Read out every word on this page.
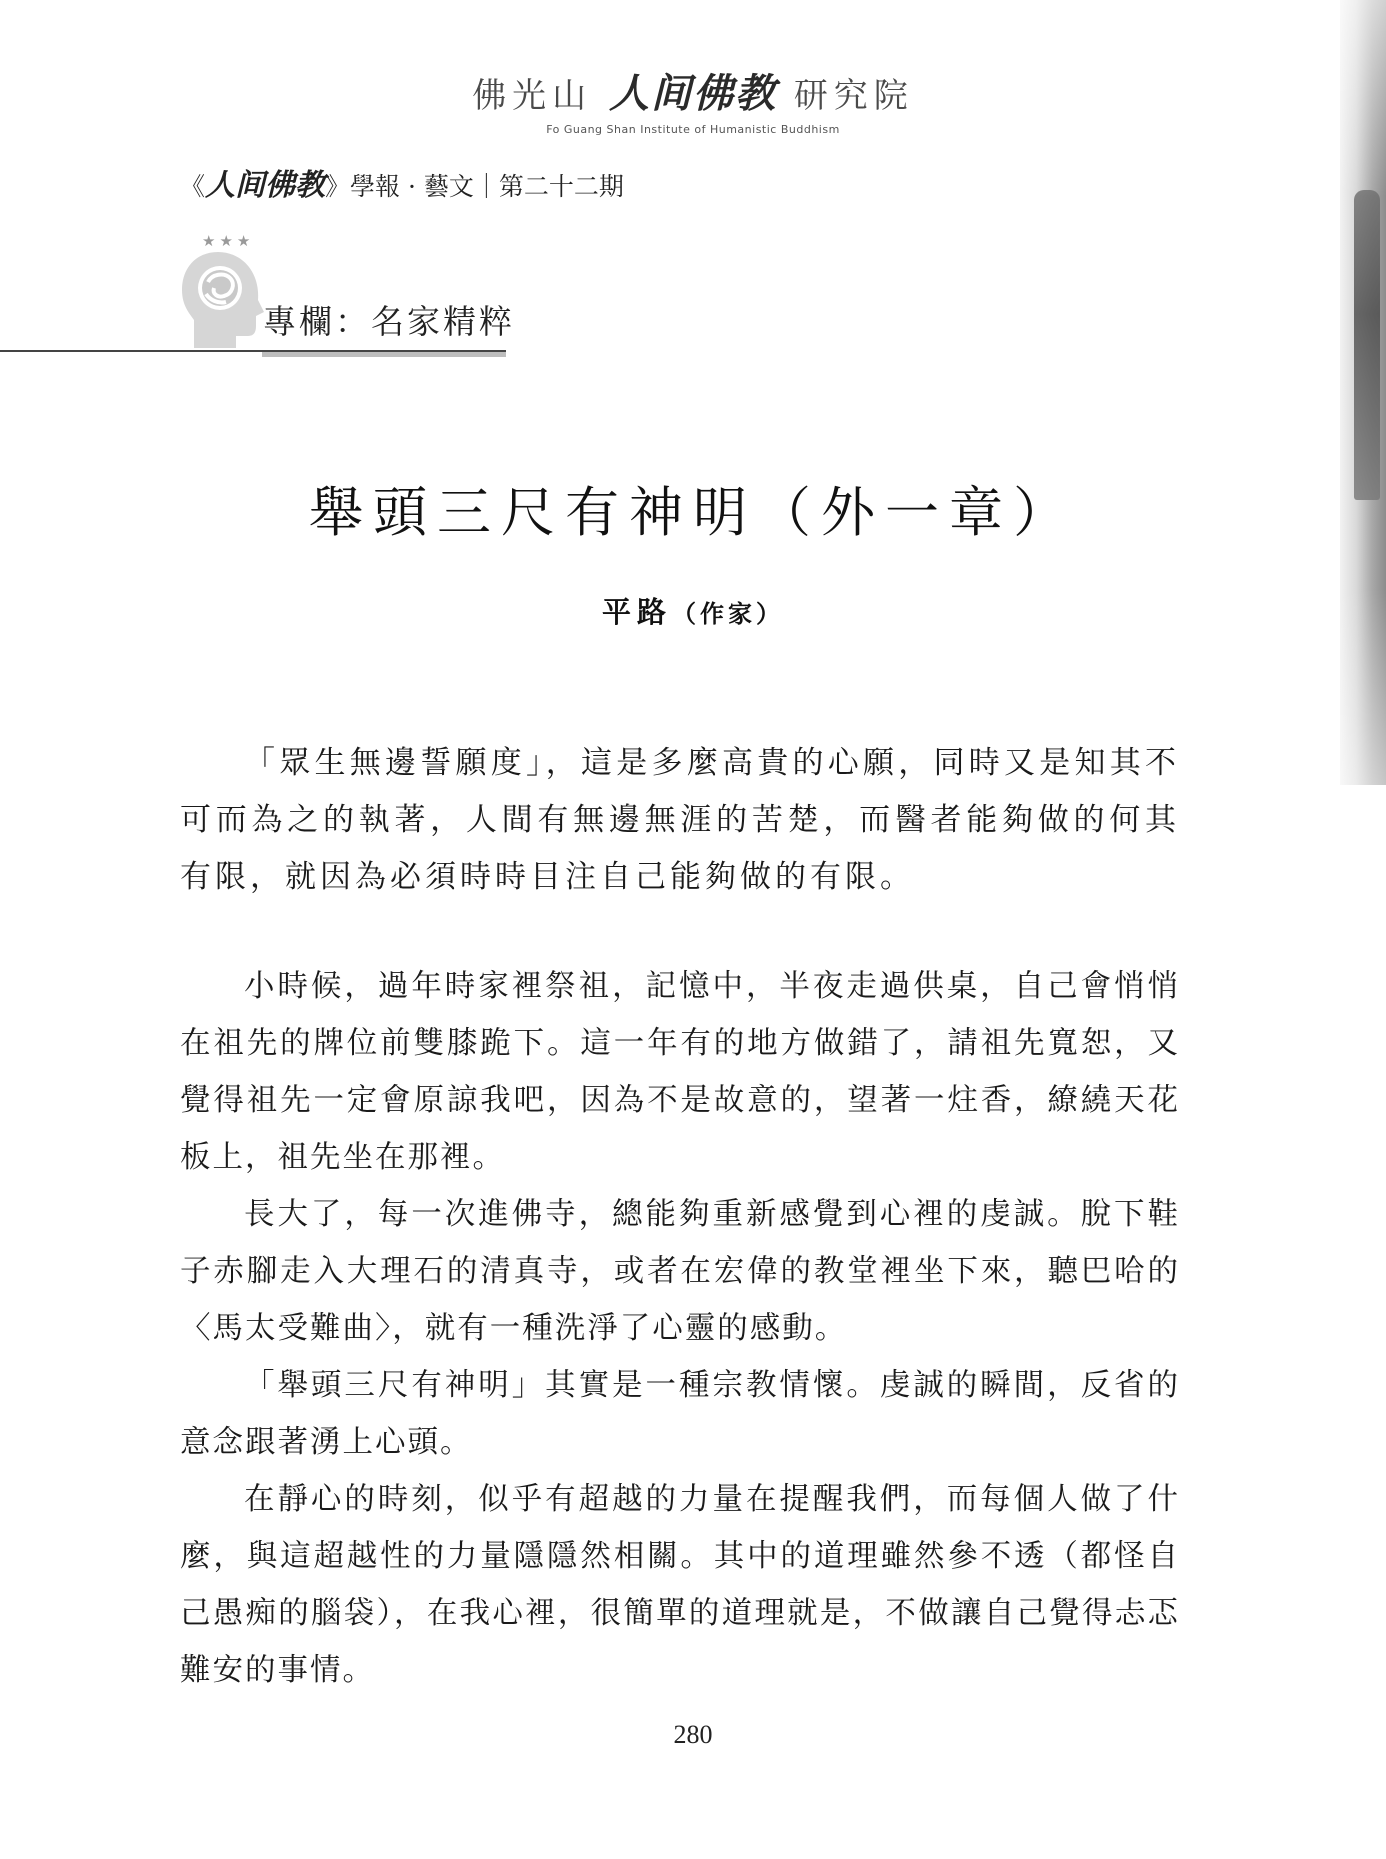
佛光山 人间佛教 研究院
Fo Guang Shan Institute of Humanistic Buddhism
《人间佛教》學報 · 藝文｜第二十二期
★★★
專欄：名家精粹
舉頭三尺有神明（外一章）
平路（作家）

「眾生無邊誓願度」，這是多麼高貴的心願，同時又是知其不可而為之的執著，人間有無邊無涯的苦楚，而醫者能夠做的何其有限，就因為必須時時目注自己能夠做的有限。

小時候，過年時家裡祭祖，記憶中，半夜走過供桌，自己會悄悄在祖先的牌位前雙膝跪下。這一年有的地方做錯了，請祖先寬恕，又覺得祖先一定會原諒我吧，因為不是故意的，望著一炷香，繚繞天花板上，祖先坐在那裡。

長大了，每一次進佛寺，總能夠重新感覺到心裡的虔誠。脫下鞋子赤腳走入大理石的清真寺，或者在宏偉的教堂裡坐下來，聽巴哈的〈馬太受難曲〉，就有一種洗淨了心靈的感動。

「舉頭三尺有神明」其實是一種宗教情懷。虔誠的瞬間，反省的意念跟著湧上心頭。

在靜心的時刻，似乎有超越的力量在提醒我們，而每個人做了什麼，與這超越性的力量隱隱然相關。其中的道理雖然參不透（都怪自己愚痴的腦袋），在我心裡，很簡單的道理就是，不做讓自己覺得忐忑難安的事情。

280
